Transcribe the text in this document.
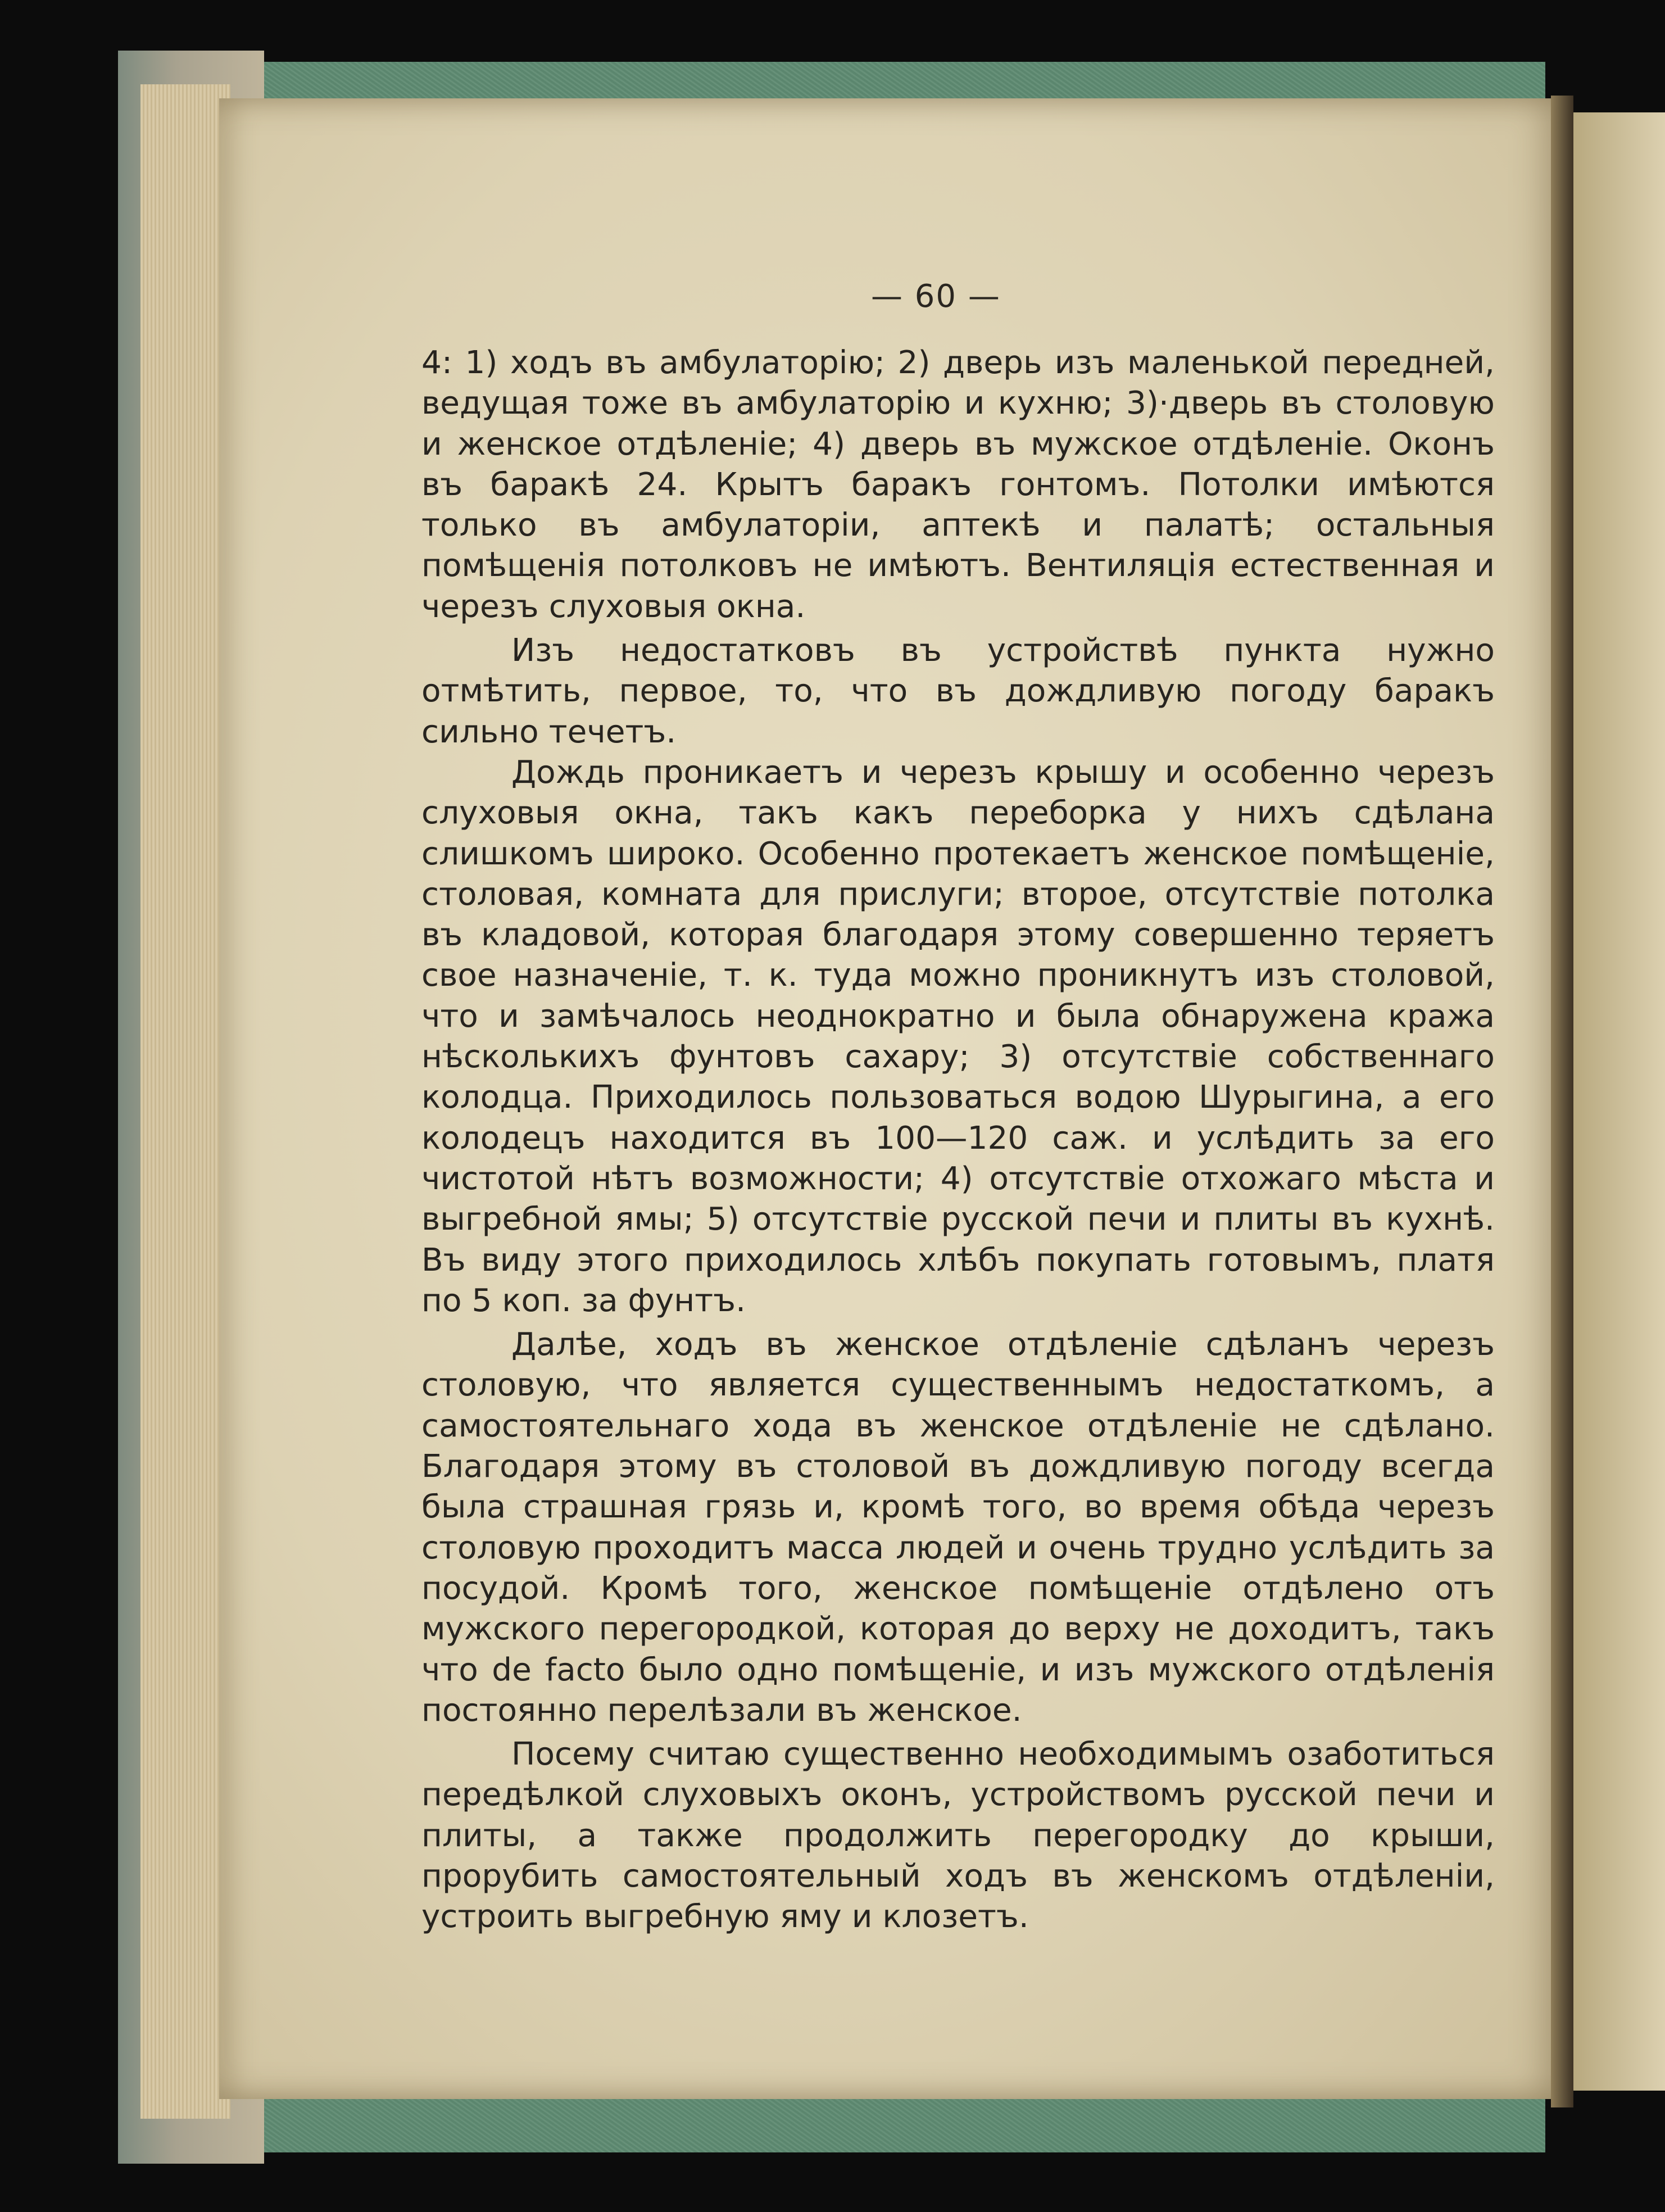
— 60 —

4: 1) ходъ въ амбулаторію; 2) дверь изъ маленькой передней, ведущая тоже въ амбулаторію и кухню; 3)·дверь въ столовую и женское отдѣленіе; 4) дверь въ мужское отдѣленіе. Оконъ въ баракѣ 24. Крытъ баракъ гонтомъ. Потолки имѣются только въ амбулаторіи, аптекѣ и палатѣ; остальныя помѣщенія потолковъ не имѣютъ. Вентиляція естественная и черезъ слуховыя окна.

Изъ недостатковъ въ устройствѣ пункта нужно отмѣтить, первое, то, что въ дождливую погоду баракъ сильно течетъ.

Дождь проникаетъ и черезъ крышу и особенно черезъ слуховыя окна, такъ какъ переборка у нихъ сдѣлана слишкомъ широко. Особенно протекаетъ женское помѣщеніе, столовая, комната для прислуги; второе, отсутствіе потолка въ кладовой, которая благодаря этому совершенно теряетъ свое назначеніе, т. к. туда можно проникнутъ изъ столовой, что и замѣчалось неоднократно и была обнаружена кража нѣсколькихъ фунтовъ сахару; 3) отсутствіе собственнаго колодца. Приходилось пользоваться водою Шурыгина, а его колодецъ находится въ 100—120 саж. и услѣдить за его чистотой нѣтъ возможности; 4) отсутствіе отхожаго мѣста и выгребной ямы; 5) отсутствіе русской печи и плиты въ кухнѣ. Въ виду этого приходилось хлѣбъ покупать готовымъ, платя по 5 коп. за фунтъ.

Далѣе, ходъ въ женское отдѣленіе сдѣланъ черезъ столовую, что является существеннымъ недостаткомъ, а самостоятельнаго хода въ женское отдѣленіе не сдѣлано. Благодаря этому въ столовой въ дождливую погоду всегда была страшная грязь и, кромѣ того, во время обѣда черезъ столовую проходитъ масса людей и очень трудно услѣдить за посудой. Кромѣ того, женское помѣщеніе отдѣлено отъ мужского перегородкой, которая до верху не доходитъ, такъ что de facto было одно помѣщеніе, и изъ мужского отдѣленія постоянно перелѣзали въ женское.

Посему считаю существенно необходимымъ озаботиться передѣлкой слуховыхъ оконъ, устройствомъ русской печи и плиты, а также продолжить перегородку до крыши, прорубить самостоятельный ходъ въ женскомъ отдѣленіи, устроить выгребную яму и клозетъ.
